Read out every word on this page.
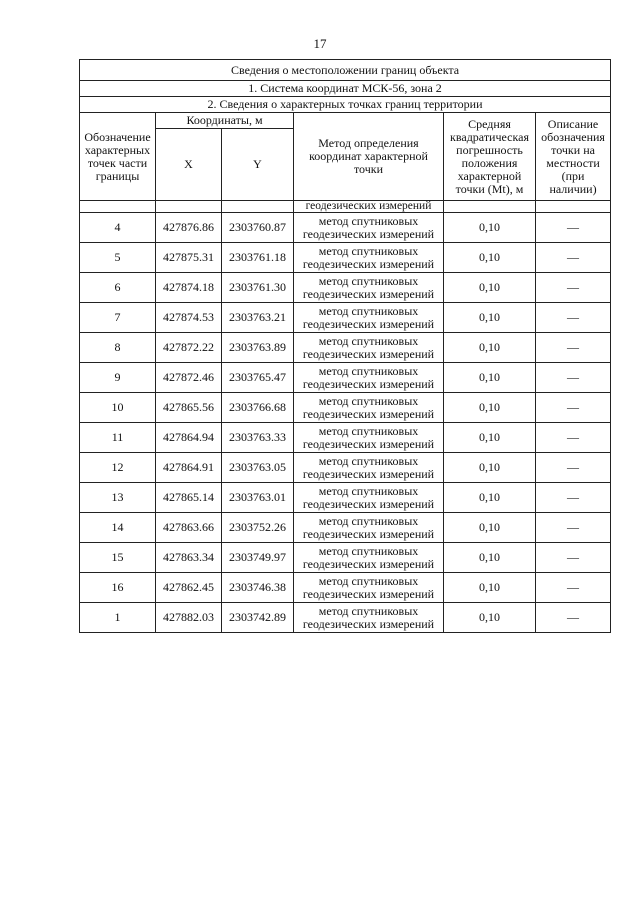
17
Сведения о местоположении границ объекта					
1. Система координат МСК-56, зона 2					
2. Сведения о характерных точках границ территории					
Обозначение характерных точек части границы	Координаты, м		Метод определения координат характерной точки	Средняя квадратическая погрешность положения характерной точки (Mt), м	Описание обозначения точки на местности (при наличии)
	X	Y			
			геодезических измерений		
4	427876.86	2303760.87	метод спутниковых геодезических измерений	0,10	—
5	427875.31	2303761.18	метод спутниковых геодезических измерений	0,10	—
6	427874.18	2303761.30	метод спутниковых геодезических измерений	0,10	—
7	427874.53	2303763.21	метод спутниковых геодезических измерений	0,10	—
8	427872.22	2303763.89	метод спутниковых геодезических измерений	0,10	—
9	427872.46	2303765.47	метод спутниковых геодезических измерений	0,10	—
10	427865.56	2303766.68	метод спутниковых геодезических измерений	0,10	—
11	427864.94	2303763.33	метод спутниковых геодезических измерений	0,10	—
12	427864.91	2303763.05	метод спутниковых геодезических измерений	0,10	—
13	427865.14	2303763.01	метод спутниковых геодезических измерений	0,10	—
14	427863.66	2303752.26	метод спутниковых геодезических измерений	0,10	—
15	427863.34	2303749.97	метод спутниковых геодезических измерений	0,10	—
16	427862.45	2303746.38	метод спутниковых геодезических измерений	0,10	—
1	427882.03	2303742.89	метод спутниковых геодезических измерений	0,10	—
